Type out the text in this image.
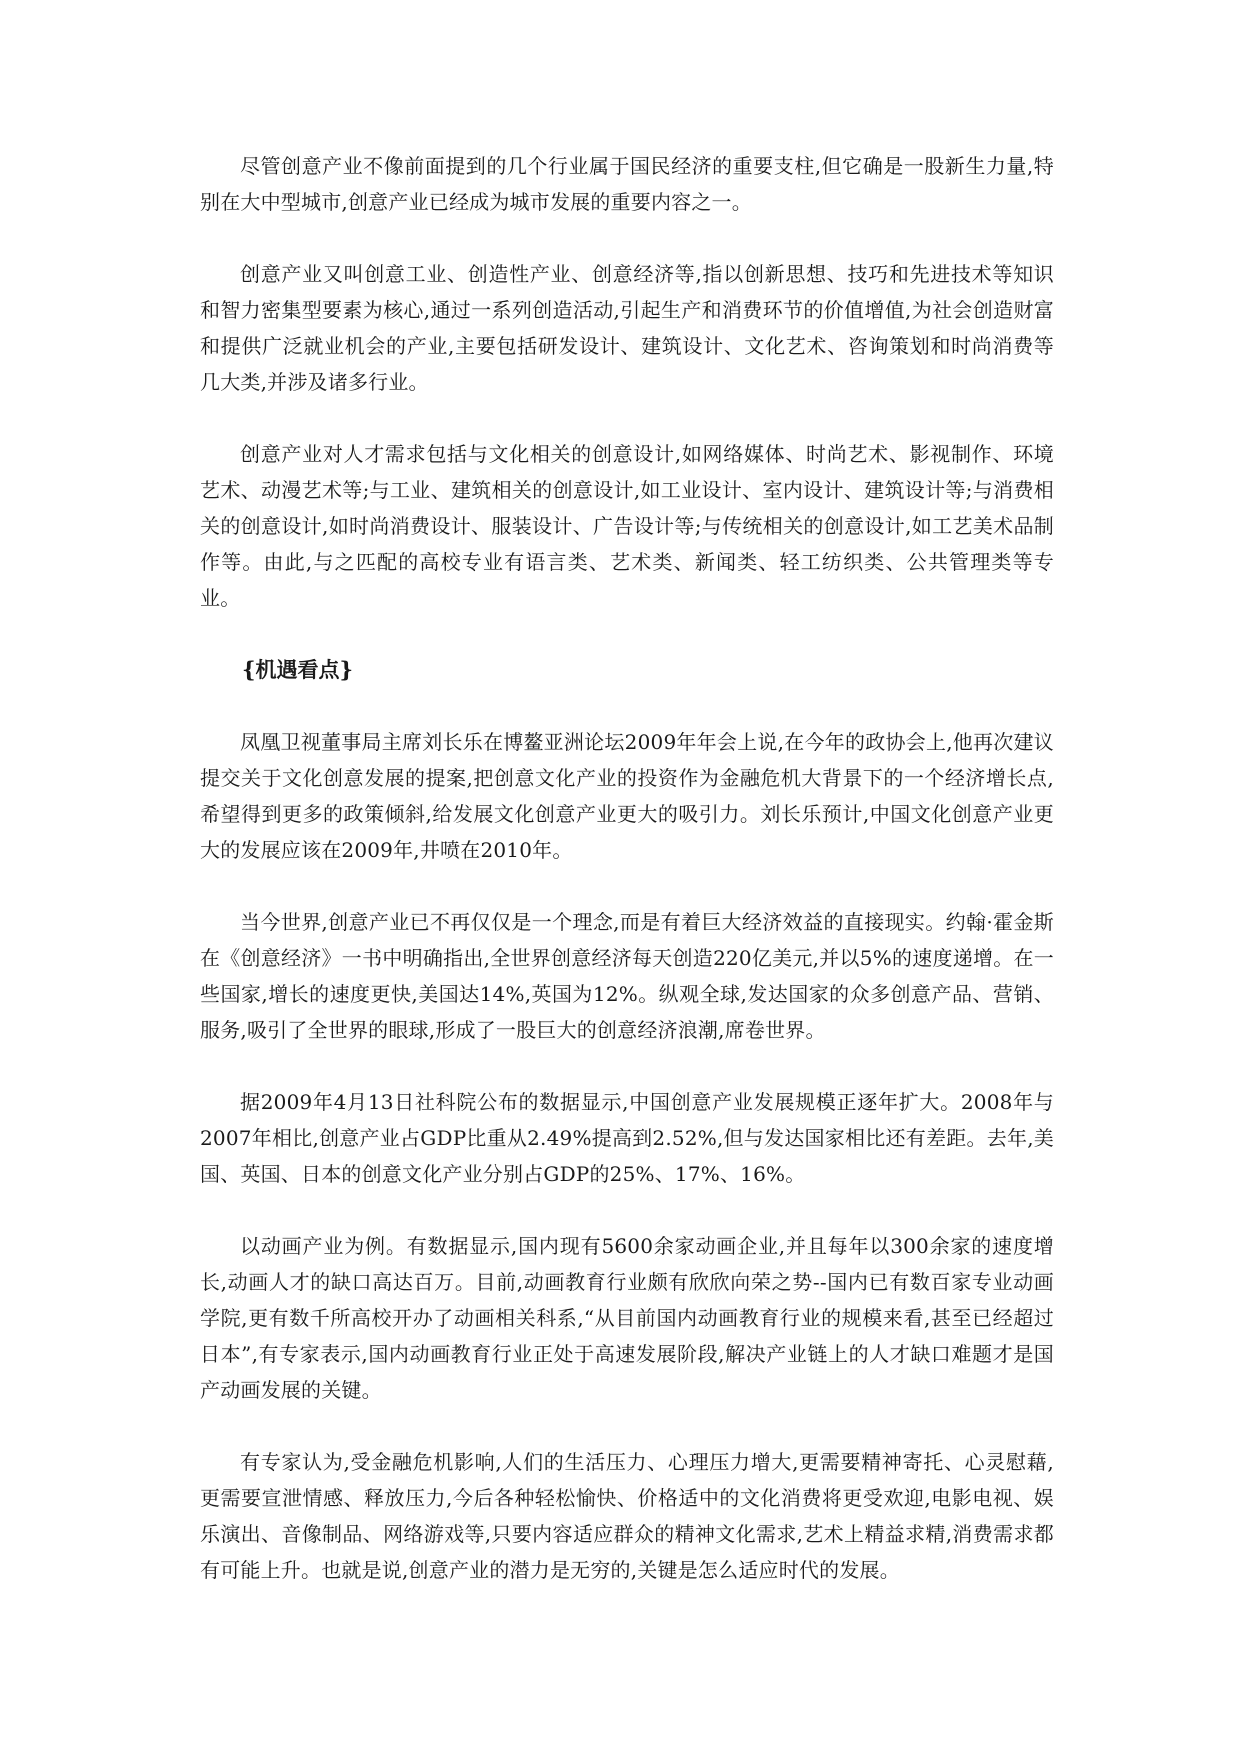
尽管创意产业不像前面提到的几个行业属于国民经济的重要支柱,但它确是一股新生力量,特别在大中型城市,创意产业已经成为城市发展的重要内容之一。

创意产业又叫创意工业、创造性产业、创意经济等,指以创新思想、技巧和先进技术等知识和智力密集型要素为核心,通过一系列创造活动,引起生产和消费环节的价值增值,为社会创造财富和提供广泛就业机会的产业,主要包括研发设计、建筑设计、文化艺术、咨询策划和时尚消费等几大类,并涉及诸多行业。

创意产业对人才需求包括与文化相关的创意设计,如网络媒体、时尚艺术、影视制作、环境艺术、动漫艺术等;与工业、建筑相关的创意设计,如工业设计、室内设计、建筑设计等;与消费相关的创意设计,如时尚消费设计、服装设计、广告设计等;与传统相关的创意设计,如工艺美术品制作等。由此,与之匹配的高校专业有语言类、艺术类、新闻类、轻工纺织类、公共管理类等专业。

{机遇看点}

凤凰卫视董事局主席刘长乐在博鳌亚洲论坛2009年年会上说,在今年的政协会上,他再次建议提交关于文化创意发展的提案,把创意文化产业的投资作为金融危机大背景下的一个经济增长点,希望得到更多的政策倾斜,给发展文化创意产业更大的吸引力。刘长乐预计,中国文化创意产业更大的发展应该在2009年,井喷在2010年。

当今世界,创意产业已不再仅仅是一个理念,而是有着巨大经济效益的直接现实。约翰·霍金斯在《创意经济》一书中明确指出,全世界创意经济每天创造220亿美元,并以5%的速度递增。在一些国家,增长的速度更快,美国达14%,英国为12%。纵观全球,发达国家的众多创意产品、营销、服务,吸引了全世界的眼球,形成了一股巨大的创意经济浪潮,席卷世界。

据2009年4月13日社科院公布的数据显示,中国创意产业发展规模正逐年扩大。2008年与2007年相比,创意产业占GDP比重从2.49%提高到2.52%,但与发达国家相比还有差距。去年,美国、英国、日本的创意文化产业分别占GDP的25%、17%、16%。

以动画产业为例。有数据显示,国内现有5600余家动画企业,并且每年以300余家的速度增长,动画人才的缺口高达百万。目前,动画教育行业颇有欣欣向荣之势--国内已有数百家专业动画学院,更有数千所高校开办了动画相关科系,“从目前国内动画教育行业的规模来看,甚至已经超过日本”,有专家表示,国内动画教育行业正处于高速发展阶段,解决产业链上的人才缺口难题才是国产动画发展的关键。

有专家认为,受金融危机影响,人们的生活压力、心理压力增大,更需要精神寄托、心灵慰藉,更需要宣泄情感、释放压力,今后各种轻松愉快、价格适中的文化消费将更受欢迎,电影电视、娱乐演出、音像制品、网络游戏等,只要内容适应群众的精神文化需求,艺术上精益求精,消费需求都有可能上升。也就是说,创意产业的潜力是无穷的,关键是怎么适应时代的发展。
